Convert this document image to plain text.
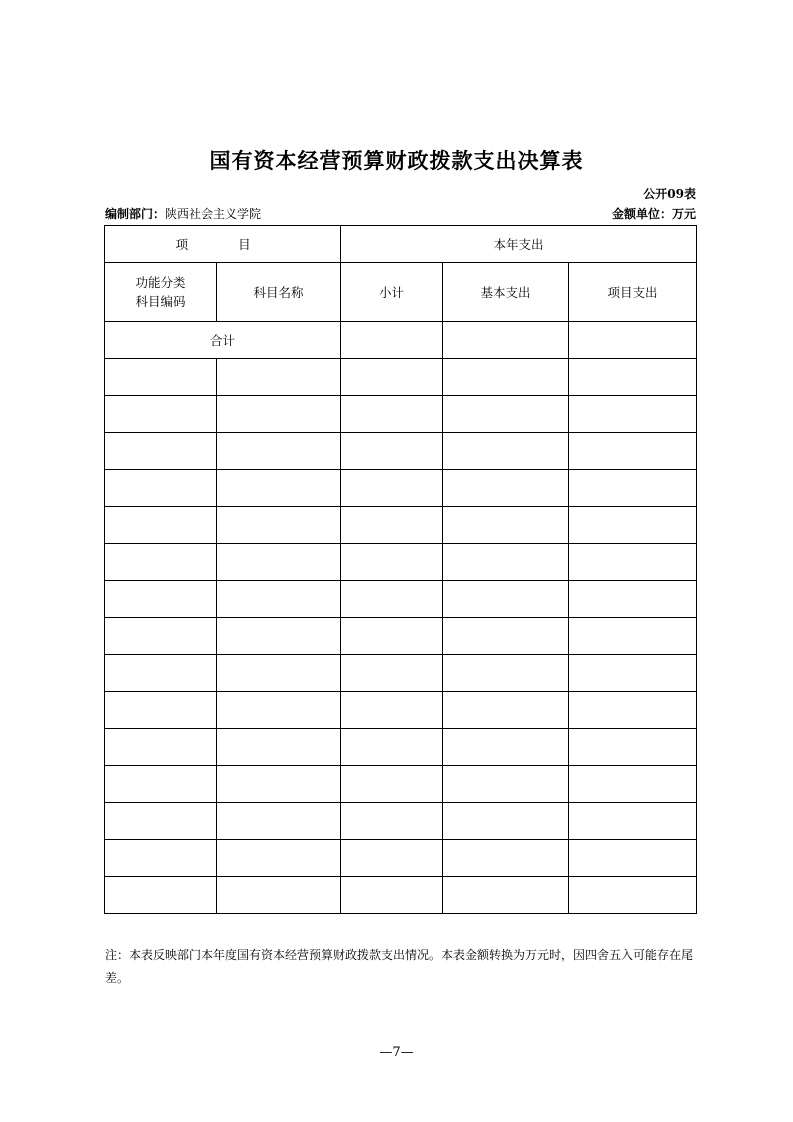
国有资本经营预算财政拨款支出决算表
公开09表
编制部门：陕西社会主义学院	金额单位：万元
项　目		本年支出		
功能分类
科目编码	科目名称	小计	基本支出	项目支出
合计				

注：本表反映部门本年度国有资本经营预算财政拨款支出情况。本表金额转换为万元时，因四舍五入可能存在尾差。
—7—
